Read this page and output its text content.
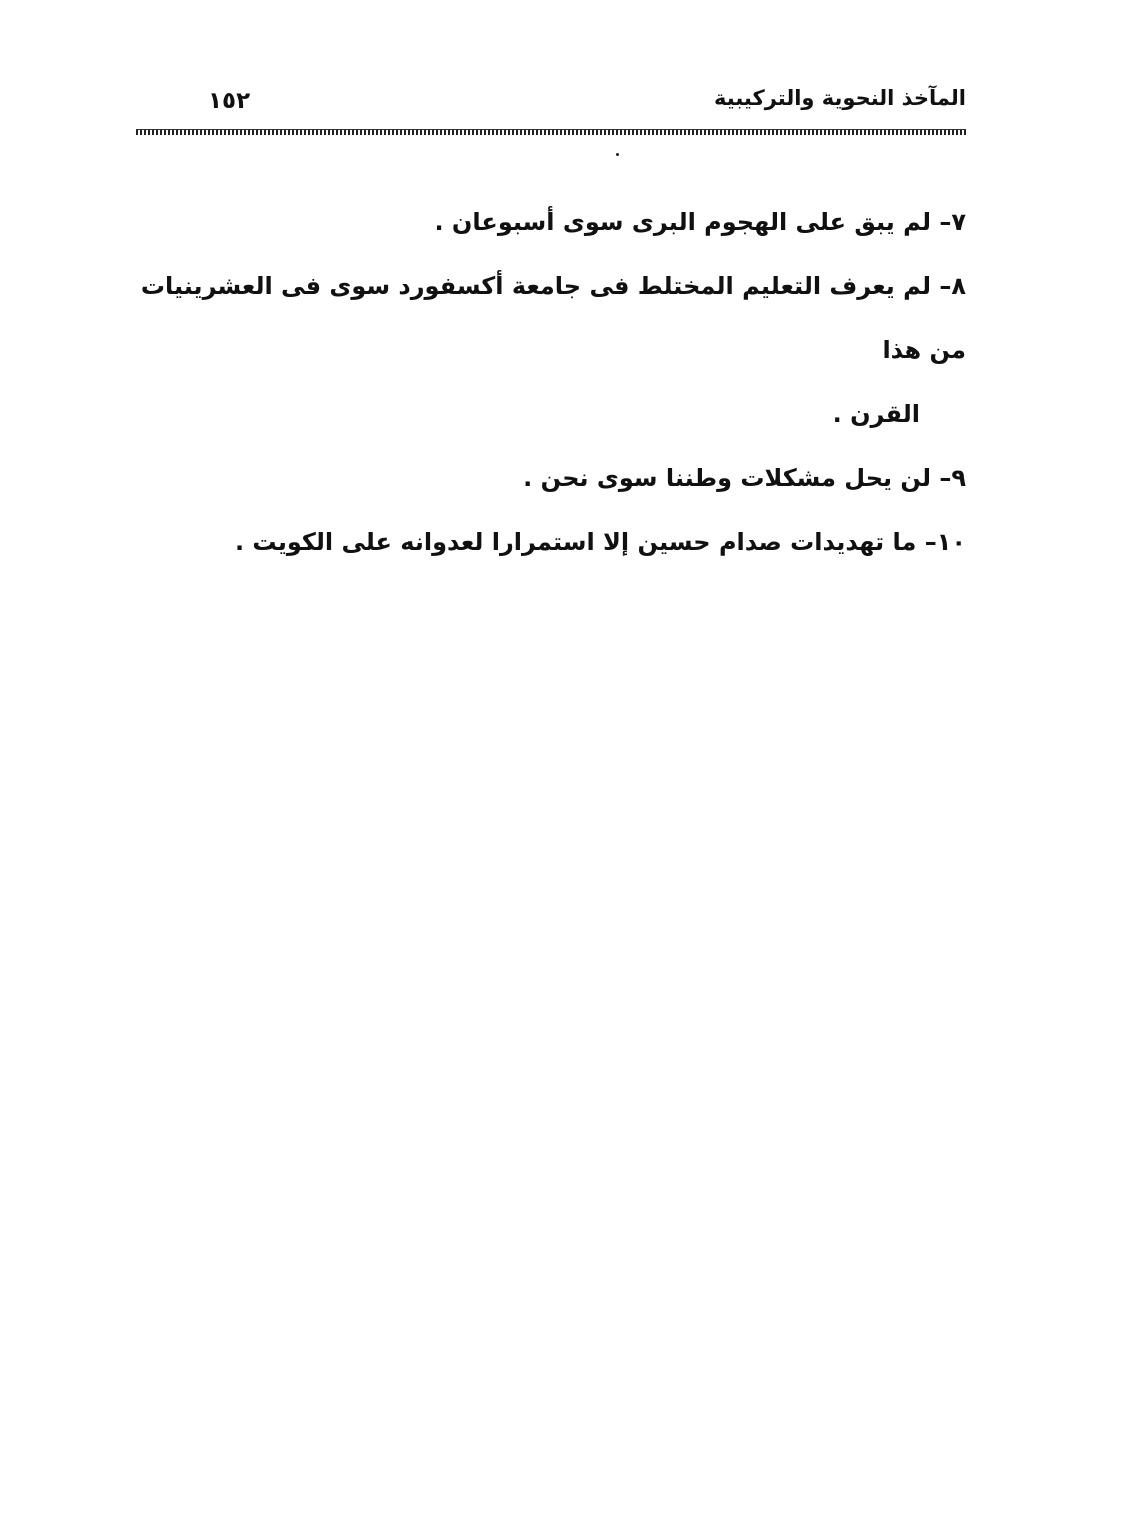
المآخذ النحوية والتركيبية
١٥٢

٧– لم يبق على الهجوم البرى سوى أسبوعان .

٨– لم يعرف التعليم المختلط فى جامعة أكسفورد سوى فى العشرينيات من هذا

القرن .

٩– لن يحل مشكلات وطننا سوى نحن .

١٠– ما تهديدات صدام حسين إلا استمرارا لعدوانه على الكويت .
